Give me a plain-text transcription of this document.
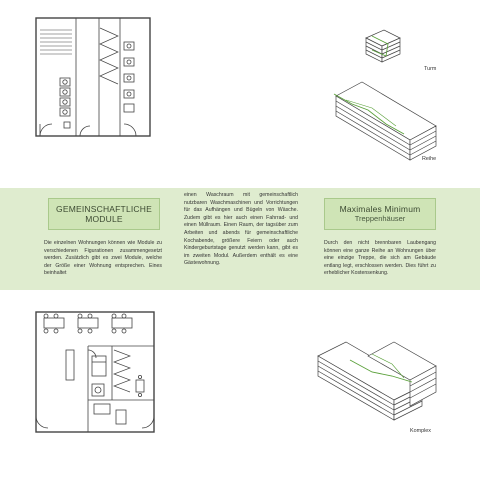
GEMEINSCHAFTLICHE
MODULE
Die einzelnen Wohnungen können wie Module zu verschiedenen Figurationen zusammengesetzt werden. Zusätzlich gibt es zwei Module, welche der Größe einer Wohnung entsprechen. Eines beinhaltet
einen Waschraum mit gemeinschaftlich nutzbaren Waschmaschinen und Vorrichtungen für das Aufhängen und Bügeln von Wäsche. Zudem gibt es hier auch einen Fahrrad- und einen Müllraum. Einen Raum, der tagsüber zum Arbeiten und abends für gemeinschaftliche Kochabende, größere Feiern oder auch Kindergeburtstage genutzt werden kann, gibt es im zweiten Modul. Außerdem enthält es eine Gästewohnung.
Maximales Minimum
Treppenhäuser
Durch den nicht brennbaren Laubengang können eine ganze Reihe an Wohnungen über eine einzige Treppe, die sich am Gebäude entlang legt, erschlossen werden. Dies führt zu erheblicher Kostensenkung.
Turm
Reihe
Komplex
